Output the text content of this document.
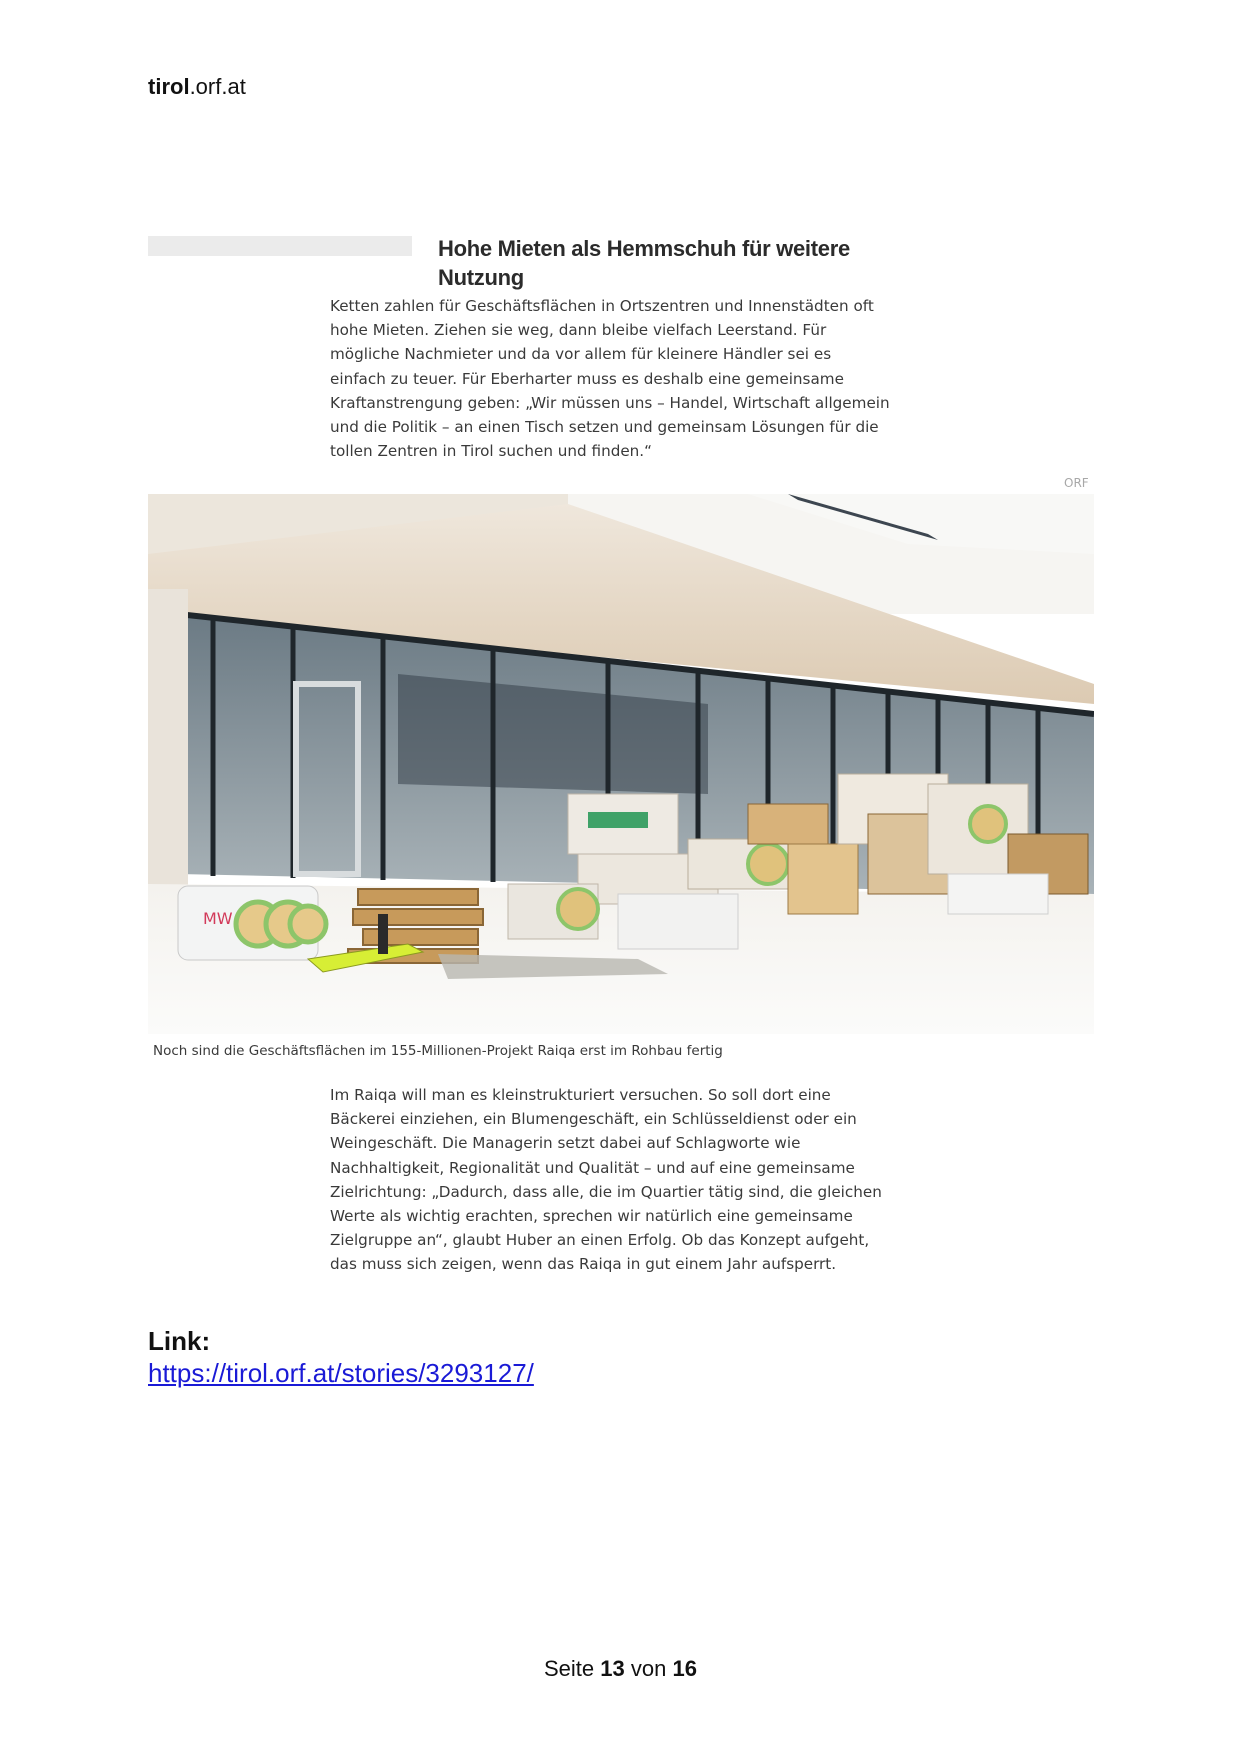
tirol.orf.at
Hohe Mieten als Hemmschuh für weitere Nutzung
Ketten zahlen für Geschäftsflächen in Ortszentren und Innenstädten oft hohe Mieten. Ziehen sie weg, dann bleibe vielfach Leerstand. Für mögliche Nachmieter und da vor allem für kleinere Händler sei es einfach zu teuer. Für Eberharter muss es deshalb eine gemeinsame Kraftanstrengung geben: „Wir müssen uns – Handel, Wirtschaft allgemein und die Politik – an einen Tisch setzen und gemeinsam Lösungen für die tollen Zentren in Tirol suchen und finden.“
ORF
MW
Noch sind die Geschäftsflächen im 155-Millionen-Projekt Raiqa erst im Rohbau fertig
Im Raiqa will man es kleinstrukturiert versuchen. So soll dort eine Bäckerei einziehen, ein Blumengeschäft, ein Schlüsseldienst oder ein Weingeschäft. Die Managerin setzt dabei auf Schlagworte wie Nachhaltigkeit, Regionalität und Qualität – und auf eine gemeinsame Zielrichtung: „Dadurch, dass alle, die im Quartier tätig sind, die gleichen Werte als wichtig erachten, sprechen wir natürlich eine gemeinsame Zielgruppe an“, glaubt Huber an einen Erfolg. Ob das Konzept aufgeht, das muss sich zeigen, wenn das Raiqa in gut einem Jahr aufsperrt.
Link:
https://tirol.orf.at/stories/3293127/
Seite 13 von 16
